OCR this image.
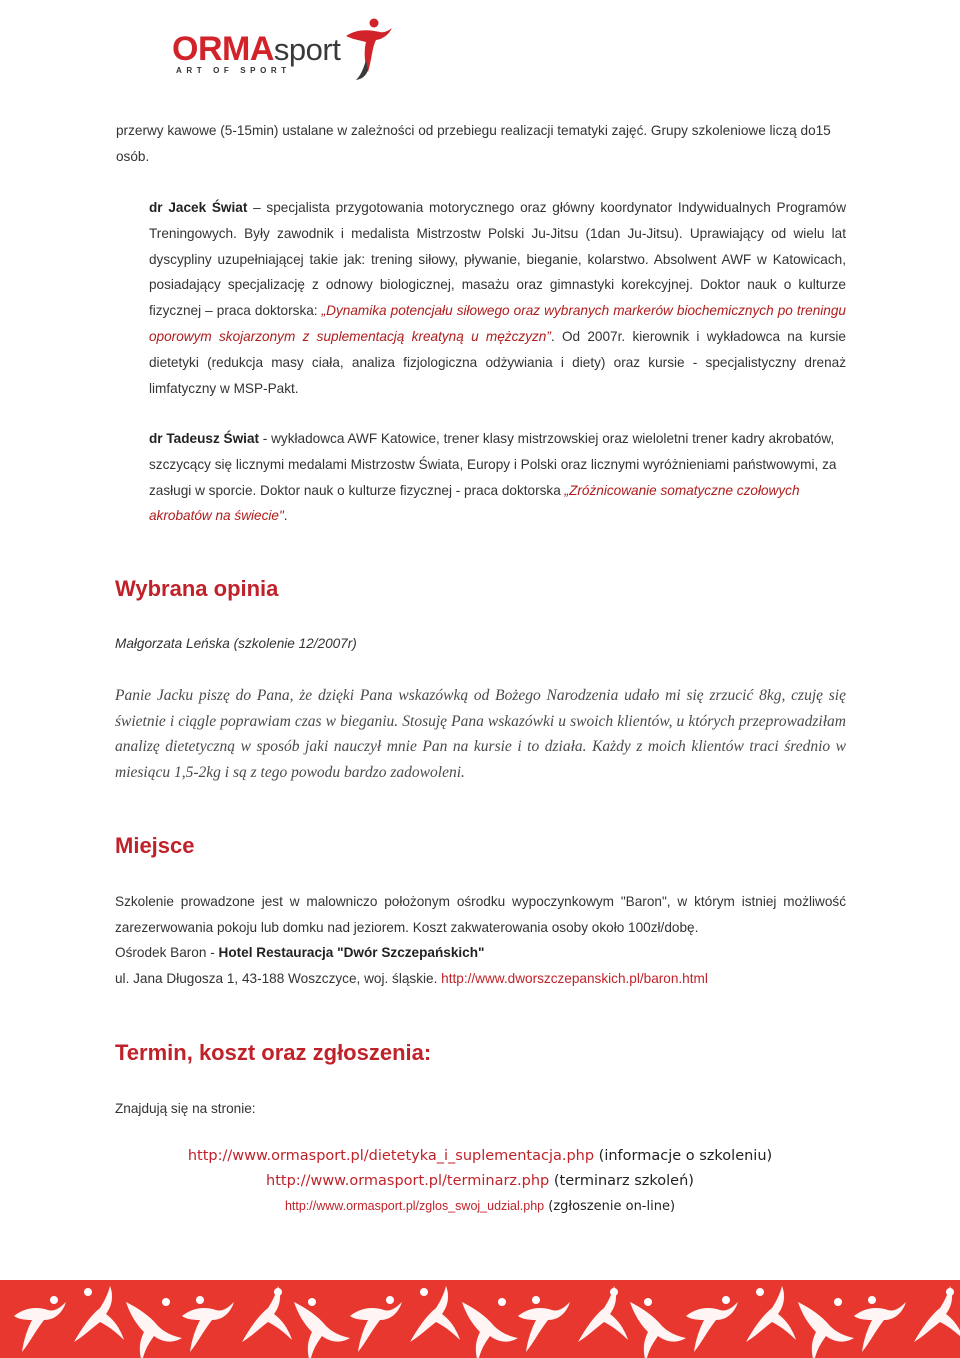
ORMAsport
ART OF SPORT

przerwy kawowe (5-15min) ustalane w zależności od przebiegu realizacji tematyki zajęć. Grupy szkoleniowe liczą do15 osób.

dr Jacek Świat – specjalista przygotowania motorycznego oraz główny koordynator Indywidualnych Programów Treningowych. Były zawodnik i medalista Mistrzostw Polski Ju-Jitsu (1dan Ju-Jitsu). Uprawiający od wielu lat dyscypliny uzupełniającej takie jak: trening siłowy, pływanie, bieganie, kolarstwo. Absolwent AWF w Katowicach, posiadający specjalizację z odnowy biologicznej, masażu oraz gimnastyki korekcyjnej. Doktor nauk o kulturze fizycznej – praca doktorska: „Dynamika potencjału siłowego oraz wybranych markerów biochemicznych po treningu oporowym skojarzonym z suplementacją kreatyną u mężczyzn”. Od 2007r. kierownik i wykładowca na kursie dietetyki (redukcja masy ciała, analiza fizjologiczna odżywiania i diety) oraz kursie - specjalistyczny drenaż limfatyczny w MSP-Pakt.

dr Tadeusz Świat - wykładowca AWF Katowice, trener klasy mistrzowskiej oraz wieloletni trener kadry akrobatów, szczycący się licznymi medalami Mistrzostw Świata, Europy i Polski oraz licznymi wyróżnieniami państwowymi, za zasługi w sporcie. Doktor nauk o kulturze fizycznej - praca doktorska „Zróżnicowanie somatyczne czołowych akrobatów na świecie".

Wybrana opinia

Małgorzata Leńska (szkolenie 12/2007r)

Panie Jacku piszę do Pana, że dzięki Pana wskazówką od Bożego Narodzenia udało mi się zrzucić 8kg, czuję się świetnie i ciągle poprawiam czas w bieganiu. Stosuję Pana wskazówki u swoich klientów, u których przeprowadziłam analizę dietetyczną w sposób jaki nauczył mnie Pan na kursie i to działa. Każdy z moich klientów traci średnio w miesiącu 1,5-2kg i są z tego powodu bardzo zadowoleni.

Miejsce

Szkolenie prowadzone jest w malowniczo położonym ośrodku wypoczynkowym "Baron", w którym istniej możliwość zarezerwowania pokoju lub domku nad jeziorem. Koszt zakwaterowania osoby około 100zł/dobę.

Ośrodek Baron - Hotel Restauracja "Dwór Szczepańskich"

ul. Jana Długosza 1, 43-188 Woszczyce, woj. śląskie. http://www.dworszczepanskich.pl/baron.html

Termin, koszt oraz zgłoszenia:

Znajdują się na stronie:

http://www.ormasport.pl/dietetyka_i_suplementacja.php (informacje o szkoleniu)
http://www.ormasport.pl/terminarz.php (terminarz szkoleń)
http://www.ormasport.pl/zglos_swoj_udzial.php (zgłoszenie on-line)
